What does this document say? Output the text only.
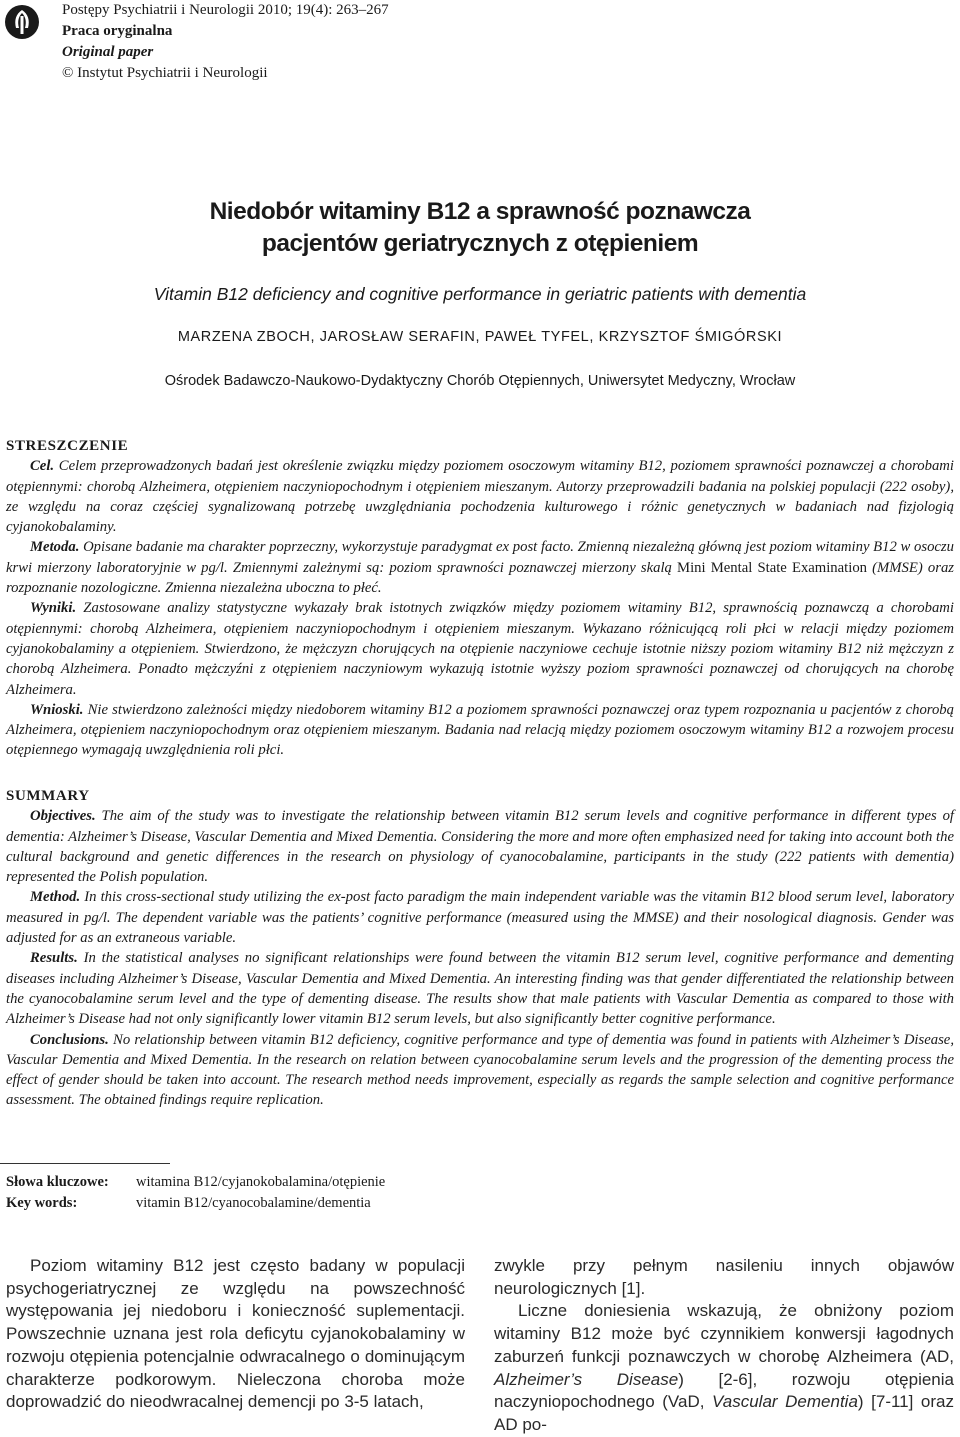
Postępy Psychiatrii i Neurologii 2010; 19(4): 263–267
Praca oryginalna
Original paper
© Instytut Psychiatrii i Neurologii
Niedobór witaminy B12 a sprawność poznawcza
pacjentów geriatrycznych z otępieniem
Vitamin B12 deficiency and cognitive performance in geriatric patients with dementia
MARZENA ZBOCH, JAROSŁAW SERAFIN, PAWEŁ TYFEL, KRZYSZTOF ŚMIGÓRSKI
Ośrodek Badawczo-Naukowo-Dydaktyczny Chorób Otępiennych, Uniwersytet Medyczny, Wrocław
STRESZCZENIE

Cel. Celem przeprowadzonych badań jest określenie związku między poziomem osoczowym witaminy B12, poziomem sprawności poznawczej a chorobami otępiennymi: chorobą Alzheimera, otępieniem naczyniopochodnym i otępieniem mieszanym. Autorzy przeprowadzili badania na polskiej populacji (222 osoby), ze względu na coraz częściej sygnalizowaną potrzebę uwzględniania pochodzenia kulturowego i różnic genetycznych w badaniach nad fizjologią cyjanokobalaminy.

Metoda. Opisane badanie ma charakter poprzeczny, wykorzystuje paradygmat ex post facto. Zmienną niezależną główną jest poziom witaminy B12 w osoczu krwi mierzony laboratoryjnie w pg/l. Zmiennymi zależnymi są: poziom sprawności poznawczej mierzony skalą Mini Mental State Examination (MMSE) oraz rozpoznanie nozologiczne. Zmienna niezależna uboczna to płeć.

Wyniki. Zastosowane analizy statystyczne wykazały brak istotnych związków między poziomem witaminy B12, sprawnością poznawczą a chorobami otępiennymi: chorobą Alzheimera, otępieniem naczyniopochodnym i otępieniem mieszanym. Wykazano różnicującą roli płci w relacji między poziomem cyjanokobalaminy a otępieniem. Stwierdzono, że mężczyzn chorujących na otępienie naczyniowe cechuje istotnie niższy poziom witaminy B12 niż mężczyzn z chorobą Alzheimera. Ponadto mężczyźni z otępieniem naczyniowym wykazują istotnie wyższy poziom sprawności poznawczej od chorujących na chorobę Alzheimera.

Wnioski. Nie stwierdzono zależności między niedoborem witaminy B12 a poziomem sprawności poznawczej oraz typem rozpoznania u pacjentów z chorobą Alzheimera, otępieniem naczyniopochodnym oraz otępieniem mieszanym. Badania nad relacją między poziomem osoczowym witaminy B12 a rozwojem procesu otępiennego wymagają uwzględnienia roli płci.

SUMMARY

Objectives. The aim of the study was to investigate the relationship between vitamin B12 serum levels and cognitive performance in different types of dementia: Alzheimer’s Disease, Vascular Dementia and Mixed Dementia. Considering the more and more often emphasized need for taking into account both the cultural background and genetic differences in the research on physiology of cyanocobalamine, participants in the study (222 patients with dementia) represented the Polish population.

Method. In this cross-sectional study utilizing the ex-post facto paradigm the main independent variable was the vitamin B12 blood serum level, laboratory measured in pg/l. The dependent variable was the patients’ cognitive performance (measured using the MMSE) and their nosological diagnosis. Gender was adjusted for as an extraneous variable.

Results. In the statistical analyses no significant relationships were found between the vitamin B12 serum level, cognitive performance and dementing diseases including Alzheimer’s Disease, Vascular Dementia and Mixed Dementia. An interesting finding was that gender differentiated the relationship between the cyanocobalamine serum level and the type of dementing disease. The results show that male patients with Vascular Dementia as compared to those with Alzheimer’s Disease had not only significantly lower vitamin B12 serum levels, but also significantly better cognitive performance.

Conclusions. No relationship between vitamin B12 deficiency, cognitive performance and type of dementia was found in patients with Alzheimer’s Disease, Vascular Dementia and Mixed Dementia. In the research on relation between cyanocobalamine serum levels and the progression of the dementing process the effect of gender should be taken into account. The research method needs improvement, especially as regards the sample selection and cognitive performance assessment. The obtained findings require replication.

Słowa kluczowe: witamina B12/cyjanokobalamina/otępienie
Key words:	vitamin B12/cyanocobalamine/dementia

Poziom witaminy B12 jest często badany w populacji psychogeriatrycznej ze względu na powszechność występowania jej niedoboru i konieczność suplementacji. Powszechnie uznana jest rola deficytu cyjanokobalaminy w rozwoju otępienia potencjalnie odwracalnego o dominującym charakterze podkorowym. Nieleczona choroba może doprowadzić do nieodwracalnej demencji po 3-5 latach,

zwykle przy pełnym nasileniu innych objawów neurologicznych [1].

Liczne doniesienia wskazują, że obniżony poziom witaminy B12 może być czynnikiem konwersji łagodnych zaburzeń funkcji poznawczych w chorobę Alzheimera (AD, Alzheimer’s Disease) [2-6], rozwoju otępienia naczyniopochodnego (VaD, Vascular Dementia) [7-11] oraz AD po-
